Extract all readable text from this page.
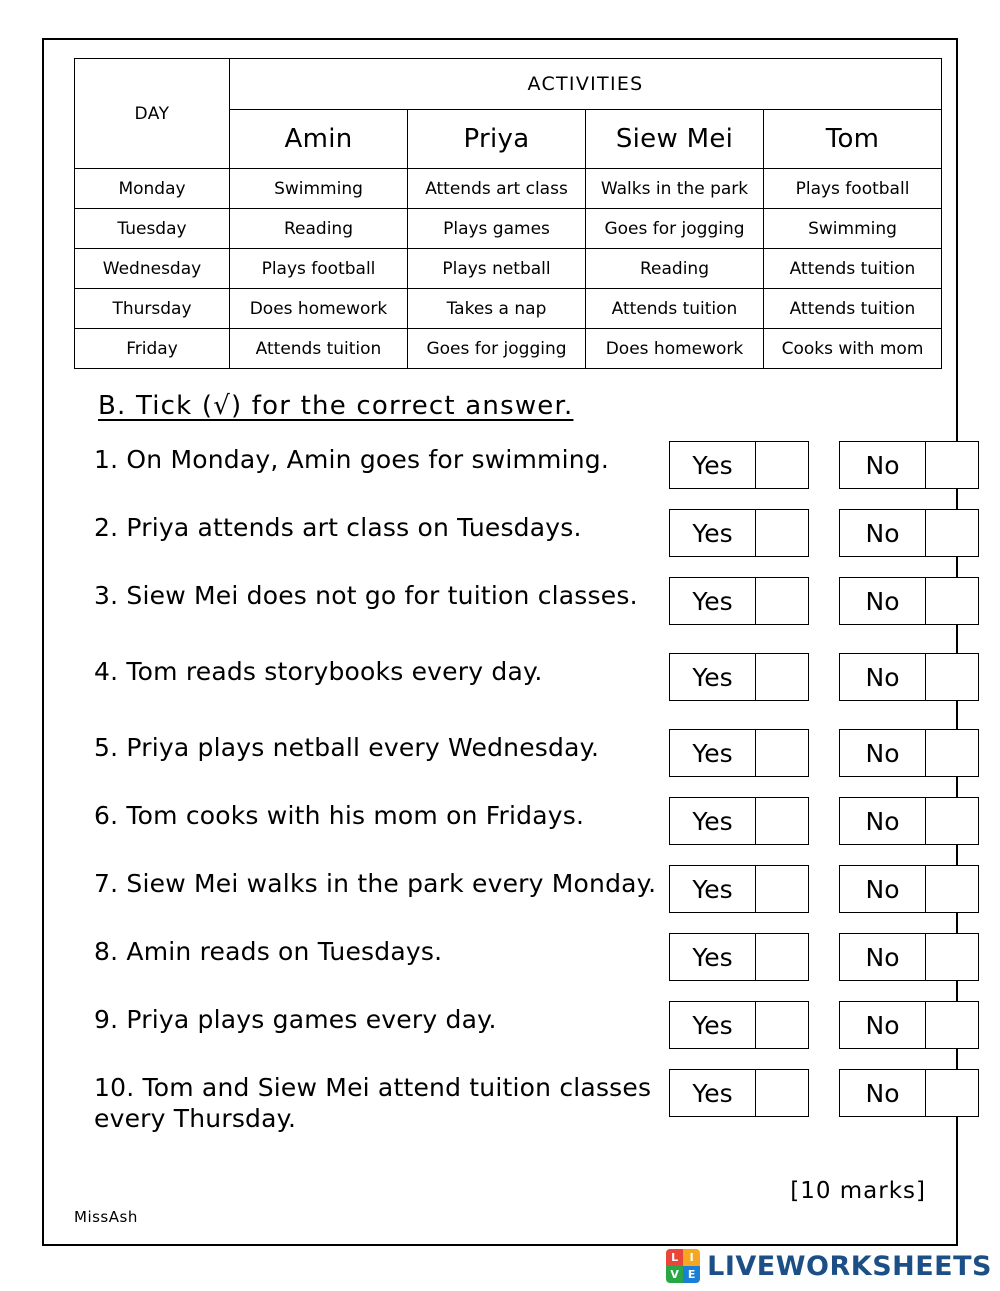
DAY	ACTIVITIES			
	Amin	Priya	Siew Mei	Tom
Monday	Swimming	Attends art class	Walks in the park	Plays football
Tuesday	Reading	Plays games	Goes for jogging	Swimming
Wednesday	Plays football	Plays netball	Reading	Attends tuition
Thursday	Does homework	Takes a nap	Attends tuition	Attends tuition
Friday	Attends tuition	Goes for jogging	Does homework	Cooks with mom
B. Tick (√) for the correct answer.
1. On Monday, Amin goes for swimming.	Yes	No
2. Priya attends art class on Tuesdays.	Yes	No
3. Siew Mei does not go for tuition classes.	Yes	No
4. Tom reads storybooks every day.	Yes	No
5. Priya plays netball every Wednesday.	Yes	No
6. Tom cooks with his mom on Fridays.	Yes	No
7. Siew Mei walks in the park every Monday.	Yes	No
8. Amin reads on Tuesdays.	Yes	No
9. Priya plays games every day.	Yes	No
10. Tom and Siew Mei attend tuition classes every Thursday.
Yes	No
[10 marks]
MissAsh
L	I
V E LIVEWORKSHEETS
